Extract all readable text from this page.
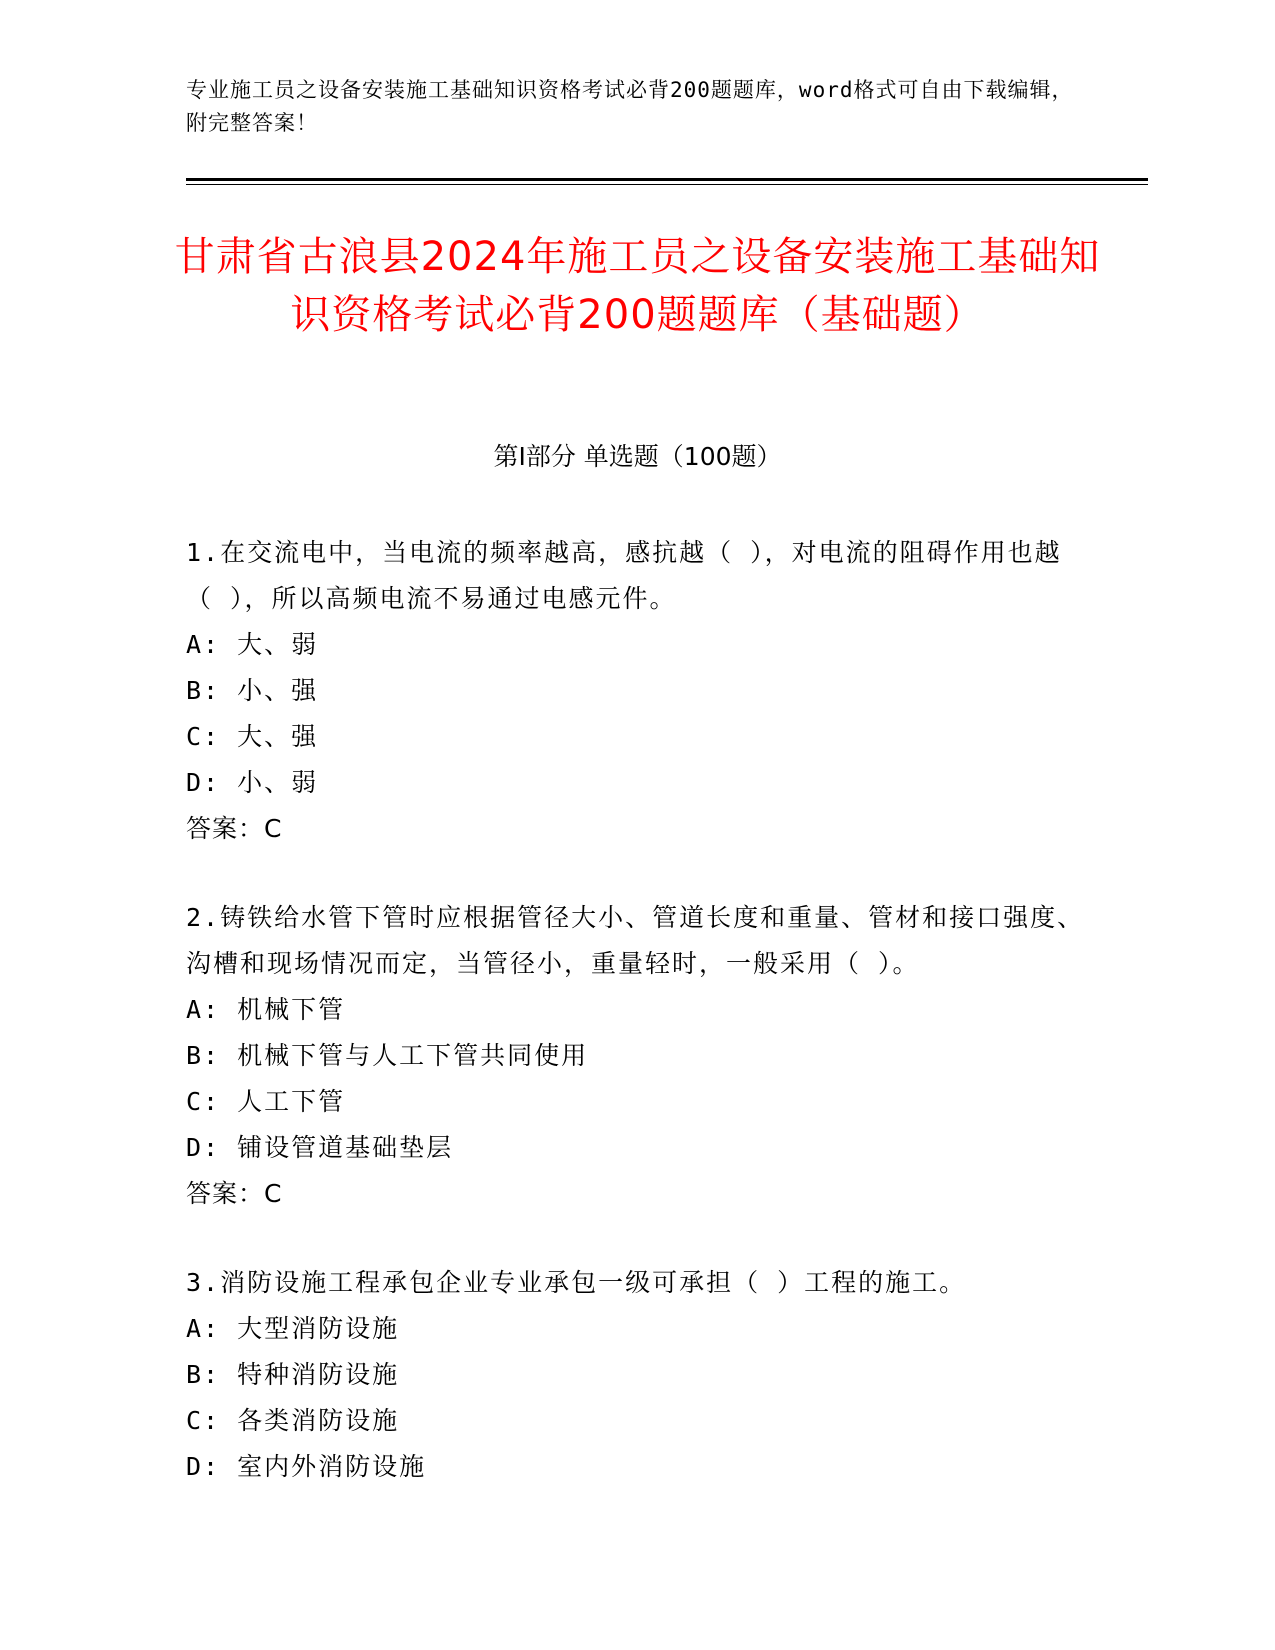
专业施工员之设备安装施工基础知识资格考试必背200题题库，word格式可自由下载编辑，附完整答案！
甘肃省古浪县2024年施工员之设备安装施工基础知识资格考试必背200题题库（基础题）
第Ⅰ部分 单选题（100题）
1.在交流电中，当电流的频率越高，感抗越（ ），对电流的阻碍作用也越（ ），所以高频电流不易通过电感元件。
A: 大、弱
B: 小、强
C: 大、强
D: 小、弱
答案：C
2.铸铁给水管下管时应根据管径大小、管道长度和重量、管材和接口强度、沟槽和现场情况而定，当管径小，重量轻时，一般采用（ ）。
A: 机械下管
B: 机械下管与人工下管共同使用
C: 人工下管
D: 铺设管道基础垫层
答案：C
3.消防设施工程承包企业专业承包一级可承担（ ）工程的施工。
A: 大型消防设施
B: 特种消防设施
C: 各类消防设施
D: 室内外消防设施
